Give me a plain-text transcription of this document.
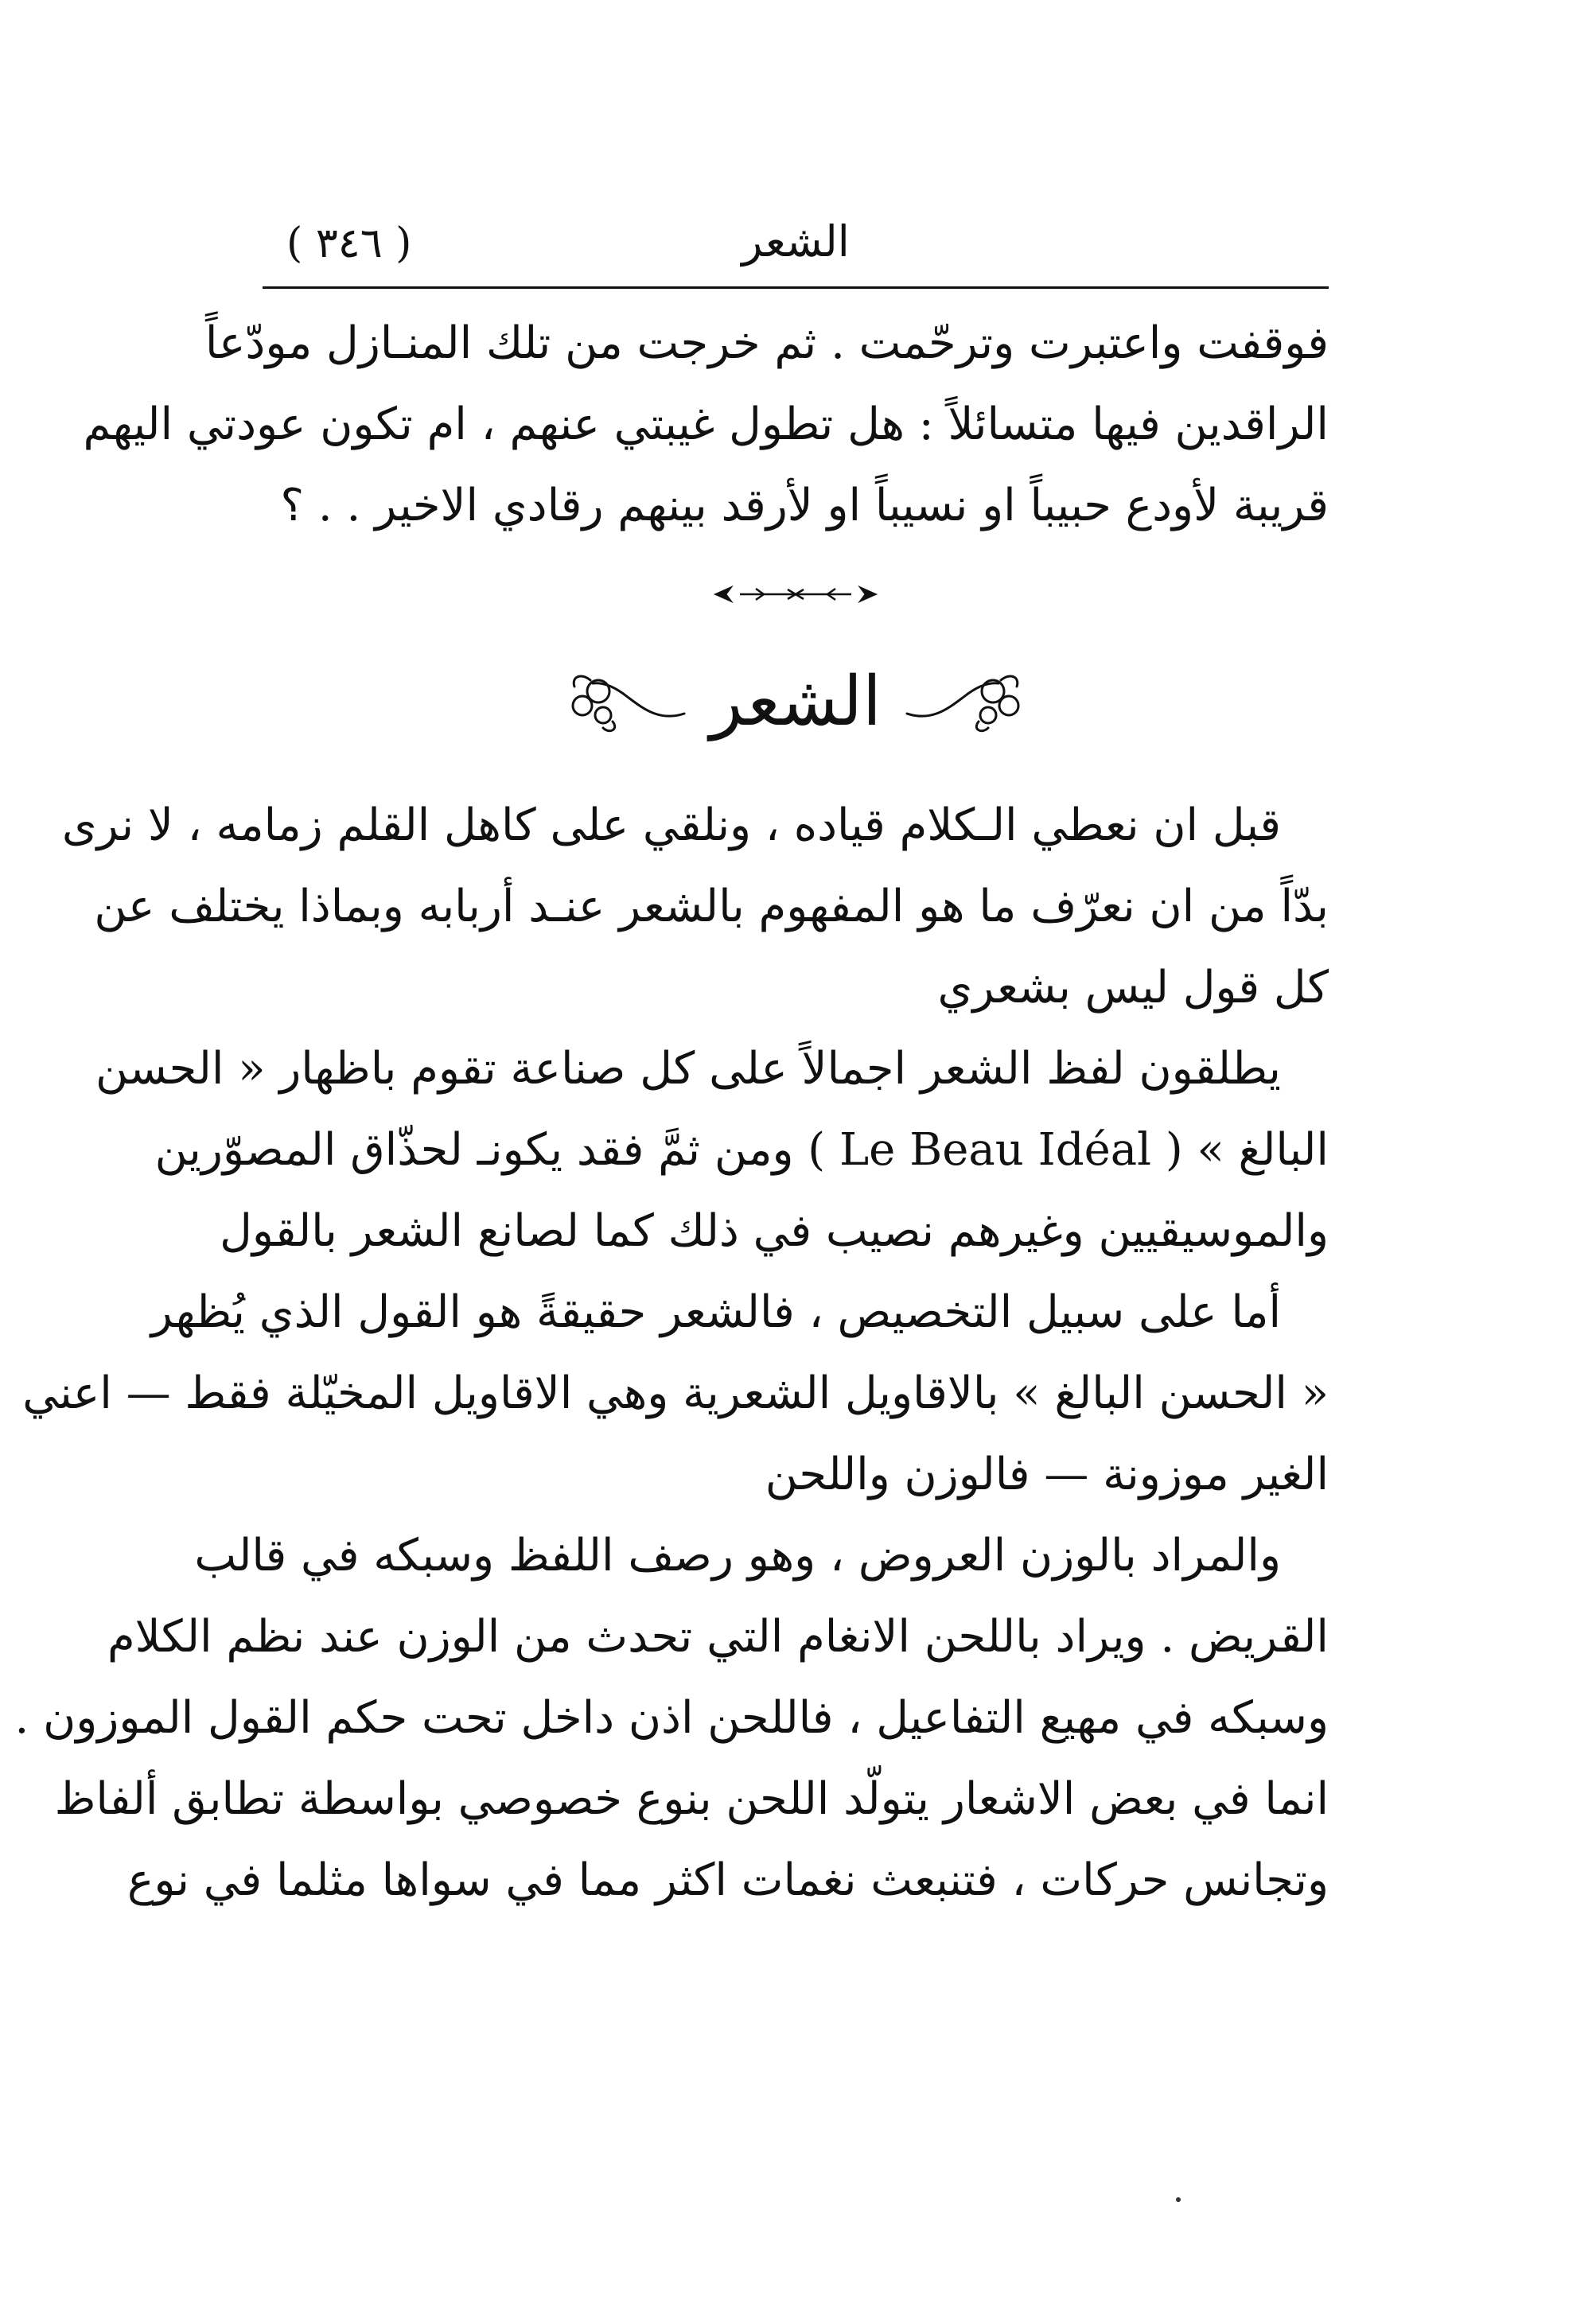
الشعر
( ٣٤٦ )
فوقفت واعتبرت وترحّمت . ثم خرجت من تلك المنـازل مودّعاً
الراقدين فيها متسائلاً : هل تطول غيبتي عنهم ، ام تكون عودتي اليهم
قريبة لأودع حبيباً او نسيباً او لأرقد بينهم رقادي الاخير . . ؟
الشعر
قبل ان نعطي الـكلام قياده ، ونلقي على كاهل القلم زمامه ، لا نرى
بدّاً من ان نعرّف ما هو المفهوم بالشعر عنـد أربابه وبماذا يختلف عن
كل قول ليس بشعري
يطلقون لفظ الشعر اجمالاً على كل صناعة تقوم باظهار « الحسن
البالغ » ( Le Beau Idéal ) ومن ثمَّ فقد يكونـ لحذّاق المصوّرين
والموسيقيين وغيرهم نصيب في ذلك كما لصانع الشعر بالقول
أما على سبيل التخصيص ، فالشعر حقيقةً هو القول الذي يُظهر
« الحسن البالغ » بالاقاويل الشعرية وهي الاقاويل المخيّلة فقط — اعني
الغير موزونة — فالوزن واللحن
والمراد بالوزن العروض ، وهو رصف اللفظ وسبكه في قالب
القريض . ويراد باللحن الانغام التي تحدث من الوزن عند نظم الكلام
وسبكه في مهيع التفاعيل ، فاللحن اذن داخل تحت حكم القول الموزون .
انما في بعض الاشعار يتولّد اللحن بنوع خصوصي بواسطة تطابق ألفاظ
وتجانس حركات ، فتنبعث نغمات اكثر مما في سواها مثلما في نوع
